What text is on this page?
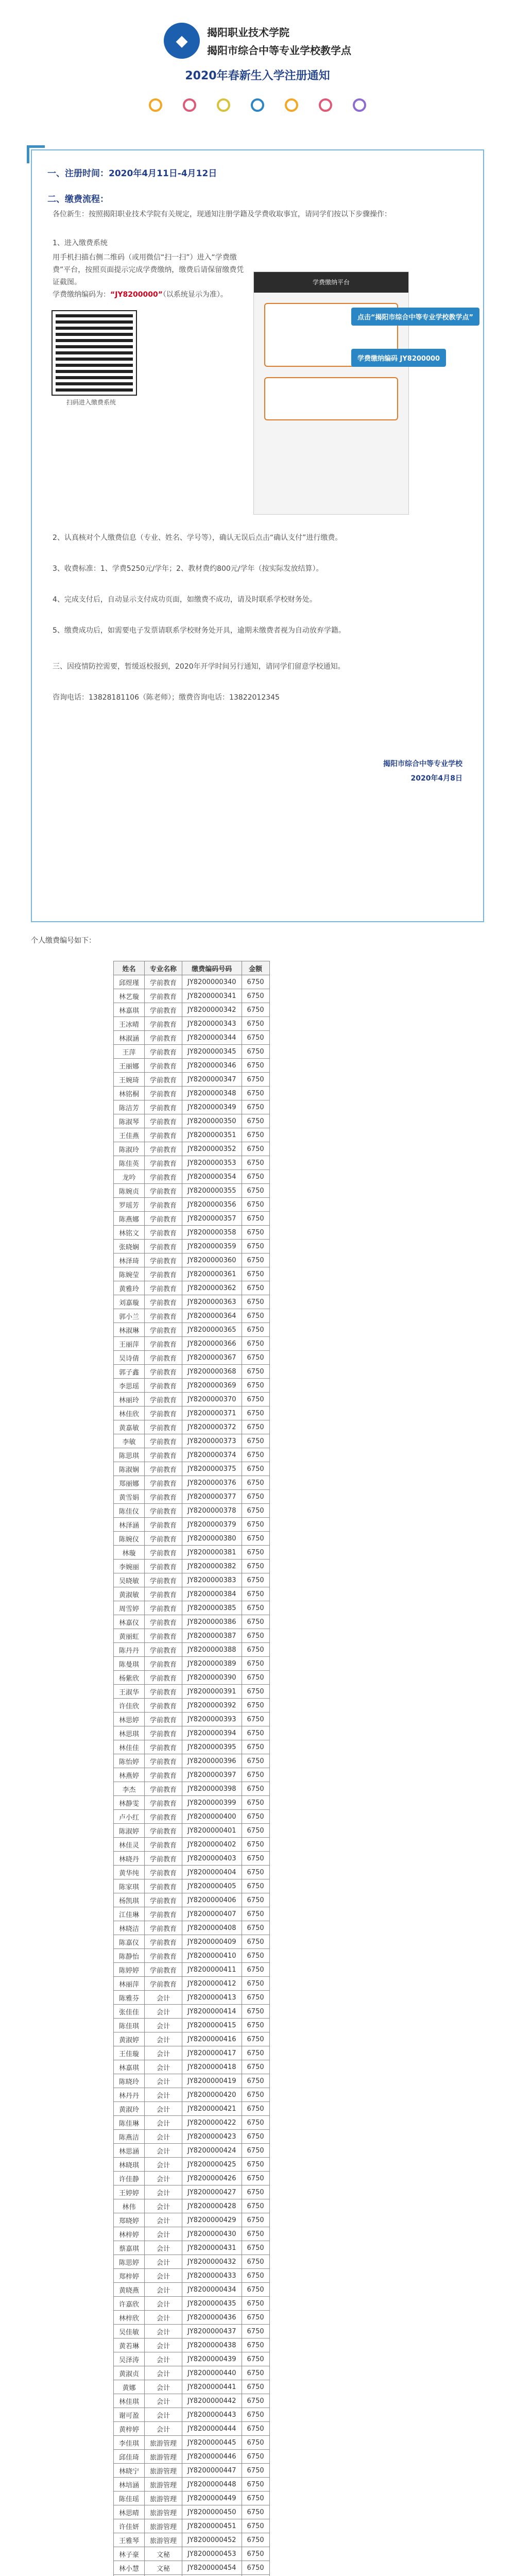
◆	揭阳职业技术学院
揭阳市综合中等专业学校教学点
2020年春新生入学注册通知
一、注册时间：2020年4月11日-4月12日
二、缴费流程：
各位新生：按照揭阳职业技术学院有关规定，现通知注册学籍及学费收取事宜，请同学们按以下步骤操作：
1、进入缴费系统
用手机扫描右侧二维码（或用微信“扫一扫”）进入“学费缴费”平台，按照页面提示完成学费缴纳，缴费后请保留缴费凭证截图。
学费缴纳编码为：“JY8200000”（以系统显示为准）。
扫码进入缴费系统
学费缴纳平台
点击“揭阳市综合中等专业学校教学点”
学费缴纳编码 JY8200000
2、认真核对个人缴费信息（专业、姓名、学号等），确认无误后点击“确认支付”进行缴费。
3、收费标准：1、学费5250元/学年；2、教材费约800元/学年（按实际发放结算）。
4、完成支付后，自动显示支付成功页面，如缴费不成功，请及时联系学校财务处。
5、缴费成功后，如需要电子发票请联系学校财务处开具，逾期未缴费者视为自动放弃学籍。
三、因疫情防控需要，暂缓返校报到，2020年开学时间另行通知，请同学们留意学校通知。
咨询电话：13828181106（陈老师）；缴费咨询电话：13822012345
揭阳市综合中等专业学校
2020年4月8日
个人缴费编号如下：
姓名	专业名称	缴费编码号码	金额
邱煜瑾	学前教育	JY8200000340	6750
林艺璇	学前教育	JY8200000341	6750
林嘉琪	学前教育	JY8200000342	6750
王冰晴	学前教育	JY8200000343	6750
林淑涵	学前教育	JY8200000344	6750
王萍	学前教育	JY8200000345	6750
王丽娜	学前教育	JY8200000346	6750
王婉琦	学前教育	JY8200000347	6750
林铭桐	学前教育	JY8200000348	6750
陈洁芳	学前教育	JY8200000349	6750
陈淑琴	学前教育	JY8200000350	6750
王佳燕	学前教育	JY8200000351	6750
陈淑玲	学前教育	JY8200000352	6750
陈佳英	学前教育	JY8200000353	6750
龙吟	学前教育	JY8200000354	6750
陈婉贞	学前教育	JY8200000355	6750
罗瑶芳	学前教育	JY8200000356	6750
陈燕娜	学前教育	JY8200000357	6750
林铭文	学前教育	JY8200000358	6750
张晓娴	学前教育	JY8200000359	6750
林泽琦	学前教育	JY8200000360	6750
陈婉莹	学前教育	JY8200000361	6750
黄雅玲	学前教育	JY8200000362	6750
刘嘉璇	学前教育	JY8200000363	6750
郭小兰	学前教育	JY8200000364	6750
林淑琳	学前教育	JY8200000365	6750
王丽萍	学前教育	JY8200000366	6750
吴诗倩	学前教育	JY8200000367	6750
郭子鑫	学前教育	JY8200000368	6750
李思瑶	学前教育	JY8200000369	6750
林丽玲	学前教育	JY8200000370	6750
林佳欣	学前教育	JY8200000371	6750
黄嘉敏	学前教育	JY8200000372	6750
李敏	学前教育	JY8200000373	6750
陈思琪	学前教育	JY8200000374	6750
陈淑娴	学前教育	JY8200000375	6750
郑丽娜	学前教育	JY8200000376	6750
黄雪娟	学前教育	JY8200000377	6750
陈佳仪	学前教育	JY8200000378	6750
林泽涵	学前教育	JY8200000379	6750
陈婉仪	学前教育	JY8200000380	6750
林璇	学前教育	JY8200000381	6750
李婉丽	学前教育	JY8200000382	6750
吴晓敏	学前教育	JY8200000383	6750
黄淑敏	学前教育	JY8200000384	6750
周雪婷	学前教育	JY8200000385	6750
林嘉仪	学前教育	JY8200000386	6750
黄丽虹	学前教育	JY8200000387	6750
陈丹丹	学前教育	JY8200000388	6750
陈曼琪	学前教育	JY8200000389	6750
杨紫欣	学前教育	JY8200000390	6750
王淑华	学前教育	JY8200000391	6750
许佳欣	学前教育	JY8200000392	6750
林思婷	学前教育	JY8200000393	6750
林思琪	学前教育	JY8200000394	6750
林佳佳	学前教育	JY8200000395	6750
陈怡婷	学前教育	JY8200000396	6750
林燕婷	学前教育	JY8200000397	6750
李杰	学前教育	JY8200000398	6750
林静雯	学前教育	JY8200000399	6750
卢小红	学前教育	JY8200000400	6750
陈淑婷	学前教育	JY8200000401	6750
林佳灵	学前教育	JY8200000402	6750
林晓丹	学前教育	JY8200000403	6750
黄华纯	学前教育	JY8200000404	6750
陈家琪	学前教育	JY8200000405	6750
杨凯琪	学前教育	JY8200000406	6750
江佳琳	学前教育	JY8200000407	6750
林晓洁	学前教育	JY8200000408	6750
陈嘉仪	学前教育	JY8200000409	6750
陈静怡	学前教育	JY8200000410	6750
陈婷婷	学前教育	JY8200000411	6750
林丽萍	学前教育	JY8200000412	6750
陈雅芬	会计	JY8200000413	6750
张佳佳	会计	JY8200000414	6750
陈佳琪	会计	JY8200000415	6750
黄淑婷	会计	JY8200000416	6750
王佳璇	会计	JY8200000417	6750
林嘉琪	会计	JY8200000418	6750
陈晓玲	会计	JY8200000419	6750
林丹丹	会计	JY8200000420	6750
黄淑玲	会计	JY8200000421	6750
陈佳琳	会计	JY8200000422	6750
陈燕洁	会计	JY8200000423	6750
林思涵	会计	JY8200000424	6750
林晓琪	会计	JY8200000425	6750
许佳静	会计	JY8200000426	6750
王婷婷	会计	JY8200000427	6750
林伟	会计	JY8200000428	6750
郑晓婷	会计	JY8200000429	6750
林梓婷	会计	JY8200000430	6750
蔡嘉琪	会计	JY8200000431	6750
陈思婷	会计	JY8200000432	6750
郑梓婷	会计	JY8200000433	6750
黄晓燕	会计	JY8200000434	6750
许嘉欣	会计	JY8200000435	6750
林梓欣	会计	JY8200000436	6750
吴佳敏	会计	JY8200000437	6750
黄若琳	会计	JY8200000438	6750
吴泽涛	会计	JY8200000439	6750
黄淑贞	会计	JY8200000440	6750
黄娜	会计	JY8200000441	6750
林佳琪	会计	JY8200000442	6750
谢可盈	会计	JY8200000443	6750
黄梓婷	会计	JY8200000444	6750
李佳琪	旅游管理	JY8200000445	6750
邱佳琦	旅游管理	JY8200000446	6750
林晓宁	旅游管理	JY8200000447	6750
林培涵	旅游管理	JY8200000448	6750
陈佳瑶	旅游管理	JY8200000449	6750
林思晴	旅游管理	JY8200000450	6750
许佳妍	旅游管理	JY8200000451	6750
王雅琴	旅游管理	JY8200000452	6750
林子豪	文秘	JY8200000453	6750
林小慧	文秘	JY8200000454	6750
